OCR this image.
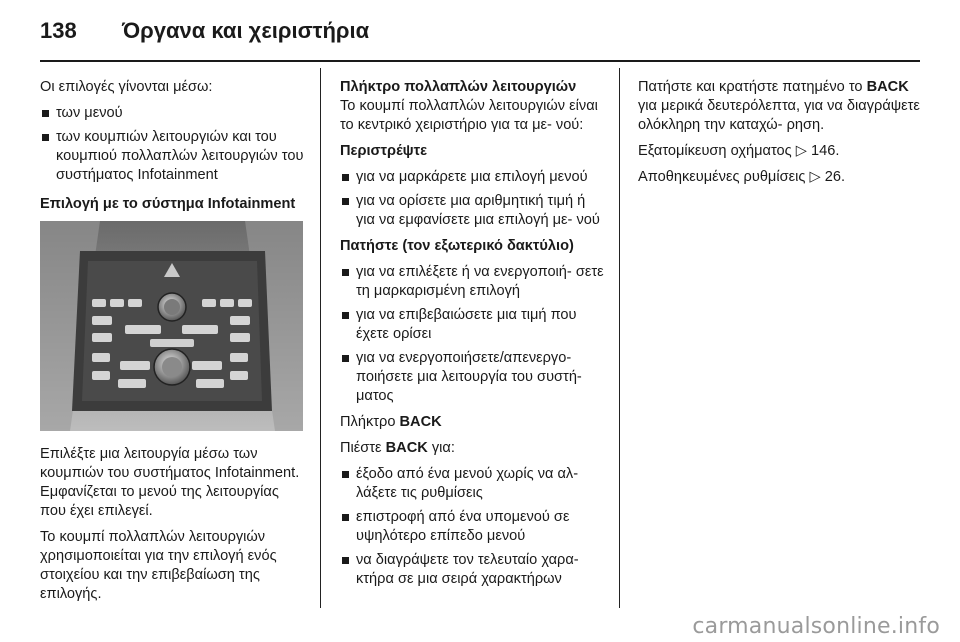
138 Όργανα και χειριστήρια

Οι επιλογές γίνονται μέσω:

των μενού
των κουμπιών λειτουργιών και του κουμπιού πολλαπλών λειτουργιών του συστήματος Infotainment

Επιλογή με το σύστημα Infotainment

Επιλέξτε μια λειτουργία μέσω των κουμπιών του συστήματος Infotainment. Εμφανίζεται το μενού της λειτουργίας που έχει επιλεγεί.

Το κουμπί πολλαπλών λειτουργιών χρησιμοποιείται για την επιλογή ενός στοιχείου και την επιβεβαίωση της επιλογής.

Πλήκτρο πολλαπλών λειτουργιών

Το κουμπί πολλαπλών λειτουργιών είναι το κεντρικό χειριστήριο για τα με- νού:

Περιστρέψτε

για να μαρκάρετε μια επιλογή μενού
για να ορίσετε μια αριθμητική τιμή ή για να εμφανίσετε μια επιλογή με- νού

Πατήστε (τον εξωτερικό δακτύλιο)

για να επιλέξετε ή να ενεργοποιή- σετε τη μαρκαρισμένη επιλογή
για να επιβεβαιώσετε μια τιμή που έχετε ορίσει
για να ενεργοποιήσετε/απενεργο- ποιήσετε μια λειτουργία του συστή- ματος

Πλήκτρο BACK

Πιέστε BACK για:

έξοδο από ένα μενού χωρίς να αλ- λάξετε τις ρυθμίσεις
επιστροφή από ένα υπομενού σε υψηλότερο επίπεδο μενού
να διαγράψετε τον τελευταίο χαρα- κτήρα σε μια σειρά χαρακτήρων

Πατήστε και κρατήστε πατημένο το BACK για μερικά δευτερόλεπτα, για να διαγράψετε ολόκληρη την καταχώ- ρηση.

Εξατομίκευση οχήματος ▷ 146.

Αποθηκευμένες ρυθμίσεις ▷ 26.

carmanualsonline.info
